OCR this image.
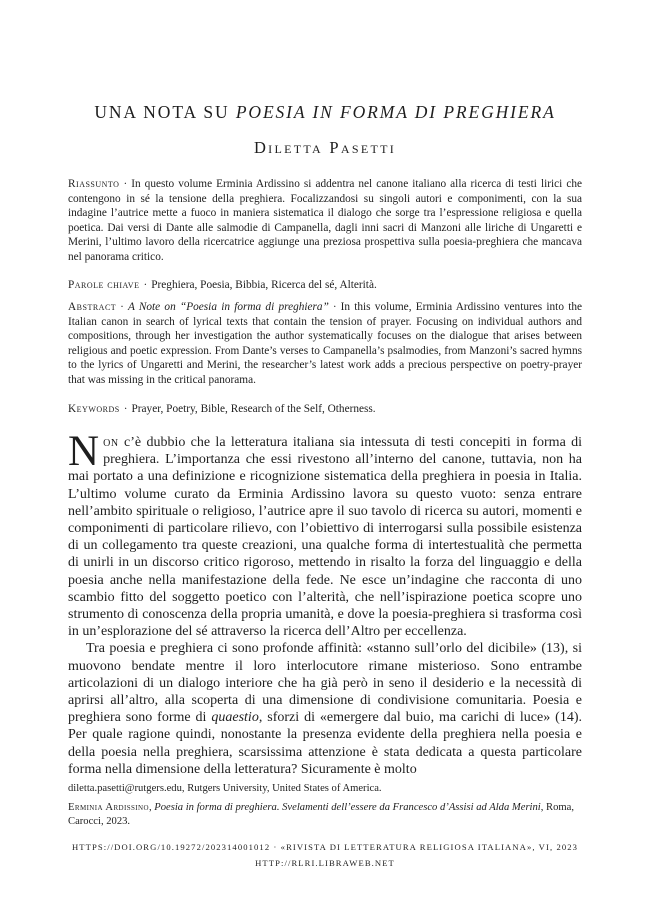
UNA NOTA SU POESIA IN FORMA DI PREGHIERA
Diletta Pasetti
Riassunto · In questo volume Erminia Ardissino si addentra nel canone italiano alla ricerca di testi lirici che contengono in sé la tensione della preghiera. Focalizzandosi su singoli autori e componimenti, con la sua indagine l’autrice mette a fuoco in maniera sistematica il dialogo che sorge tra l’espressione religiosa e quella poetica. Dai versi di Dante alle salmodie di Campanella, dagli inni sacri di Manzoni alle liriche di Ungaretti e Merini, l’ultimo lavoro della ricercatrice aggiunge una preziosa prospettiva sulla poesia-preghiera che mancava nel panorama critico.
Parole chiave · Preghiera, Poesia, Bibbia, Ricerca del sé, Alterità.
Abstract · A Note on “Poesia in forma di preghiera” · In this volume, Erminia Ardissino ventures into the Italian canon in search of lyrical texts that contain the tension of prayer. Focusing on individual authors and compositions, through her investigation the author systematically focuses on the dialogue that arises between religious and poetic expression. From Dante’s verses to Campanella’s psalmodies, from Manzoni’s sacred hymns to the lyrics of Ungaretti and Merini, the researcher’s latest work adds a precious perspective on poetry-prayer that was missing in the critical panorama.
Keywords · Prayer, Poetry, Bible, Research of the Self, Otherness.

Non c’è dubbio che la letteratura italiana sia intessuta di testi concepiti in forma di preghiera. L’importanza che essi rivestono all’interno del canone, tuttavia, non ha mai portato a una definizione e ricognizione sistematica della preghiera in poesia in Italia. L’ultimo volume curato da Erminia Ardissino lavora su questo vuoto: senza entrare nell’ambito spirituale o religioso, l’autrice apre il suo tavolo di ricerca su autori, momenti e componimenti di particolare rilievo, con l’obiettivo di interrogarsi sulla possibile esistenza di un collegamento tra queste creazioni, una qualche forma di intertestualità che permetta di unirli in un discorso critico rigoroso, mettendo in risalto la forza del linguaggio e della poesia anche nella manifestazione della fede. Ne esce un’indagine che racconta di uno scambio fitto del soggetto poetico con l’alterità, che nell’ispirazione poetica scopre uno strumento di conoscenza della propria umanità, e dove la poesia-preghiera si trasforma così in un’esplorazione del sé attraverso la ricerca dell’Altro per eccellenza.

Tra poesia e preghiera ci sono profonde affinità: «stanno sull’orlo del dicibile» (13), si muovono bendate mentre il loro interlocutore rimane misterioso. Sono entrambe articolazioni di un dialogo interiore che ha già però in seno il desiderio e la necessità di aprirsi all’altro, alla scoperta di una dimensione di condivisione comunitaria. Poesia e preghiera sono forme di quaestio, sforzi di «emergere dal buio, ma carichi di luce» (14). Per quale ragione quindi, nonostante la presenza evidente della preghiera nella poesia e della poesia nella preghiera, scarsissima attenzione è stata dedicata a questa particolare forma nella dimensione della letteratura? Sicuramente è molto

diletta.pasetti@rutgers.edu, Rutgers University, United States of America.

Erminia Ardissino, Poesia in forma di preghiera. Svelamenti dell’essere da Francesco d’Assisi ad Alda Merini, Roma, Carocci, 2023.

HTTPS://DOI.ORG/10.19272/202314001012 · «RIVISTA DI LETTERATURA RELIGIOSA ITALIANA», VI, 2023
HTTP://RLRI.LIBRAWEB.NET
